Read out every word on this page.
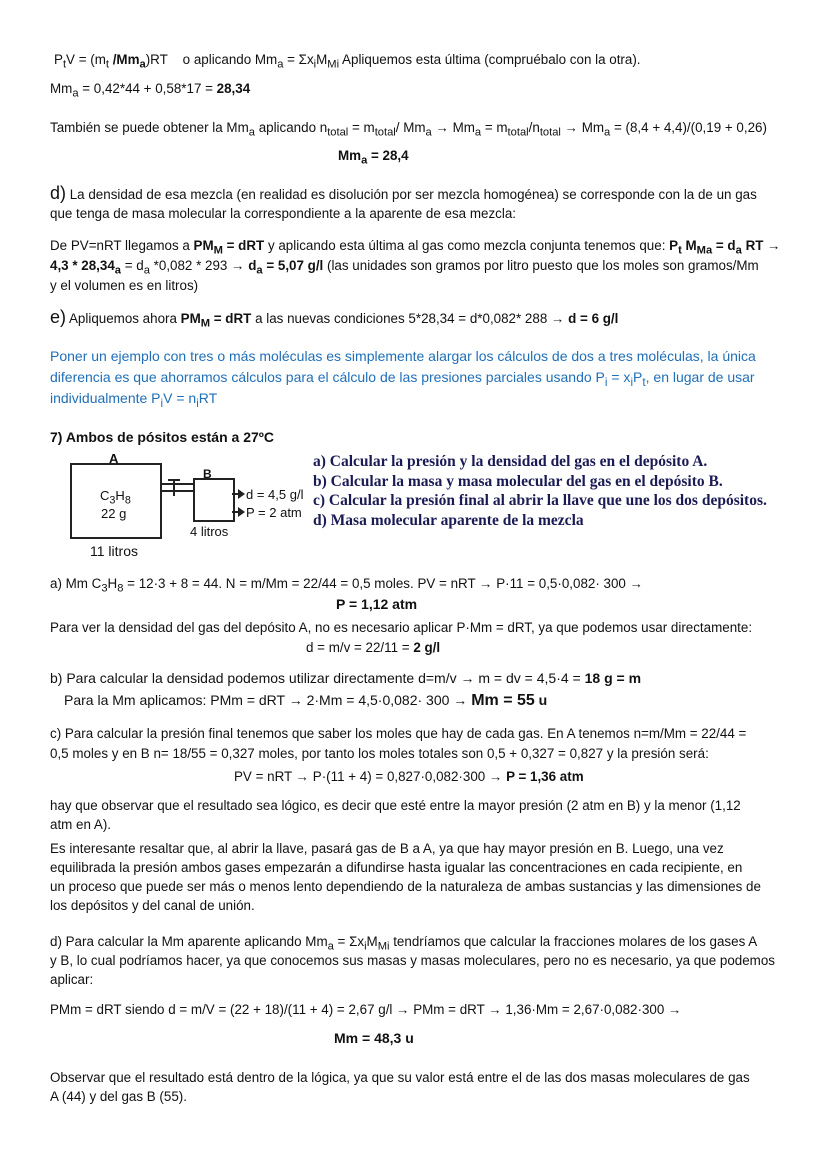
$P_tV = (m_t$ $/Mm_a)RT$ o aplicando $Mm_a = \Sigma x_iM_{Mi}$ Apliquemos esta última (compruébalo con la otra).
$Mm_a = 0,42*44 + 0,58*17 = 28,34$
También se puede obtener la $Mm_a$ aplicando $n_{total} = m_{total}/$ $Mm_a \to Mm_a = m_{total}/n_{total} \to Mm_a = (8,4 + 4,4)/(0,19 + 0,26)$
$Mm_a = 28,4$
d) La densidad de esa mezcla (en realidad es disolución por ser mezcla homogénea) se corresponde con la de un gas
que tenga de masa molecular la correspondiente a la aparente de esa mezcla:
De PV=nRT llegamos a $PM_M$ = dRT y aplicando esta última al gas como mezcla conjunta tenemos que: $P_t$ $M_{Ma} = d_a$ RT →
$4,3 * 28,34_a = d_a$ $*0,082 * 293 \to d_a = 5,07$ g/l (las unidades son gramos por litro puesto que los moles son gramos/Mm
y el volumen es en litros)
e) Apliquemos ahora $PM_M$ = dRT a las nuevas condiciones 5*28,34 = d*0,082* 288 → d = 6 g/l
Poner un ejemplo con tres o más moléculas es simplemente alargar los cálculos de dos a tres moléculas, la única
diferencia es que ahorramos cálculos para el cálculo de las presiones parciales usando $P_i = x_iP_t$, en lugar de usar
individualmente $P_iV = n_iRT$
7) Ambos de pósitos están a 27ºC
A
$C_3H_8$
22 g
11 litros
B
4 litros
d = 4,5 g/l
P = 2 atm
a) Calcular la presión y la densidad del gas en el depósito A.
b) Calcular la masa y masa molecular del gas en el depósito B.
c) Calcular la presión final al abrir la llave que une los dos depósitos.
d) Masa molecular aparente de la mezcla
a) Mm $C_3H_8 = 12\cdot 3 + 8 = 44$. N = m/Mm = 22/44 = 0,5 moles. PV = nRT → P·11 = 0,5·0,082· 300 →
P = 1,12 atm
Para ver la densidad del gas del depósito A, no es necesario aplicar P·Mm = dRT, ya que podemos usar directamente:
d = m/v = 22/11 = 2 g/l
b) Para calcular la densidad podemos utilizar directamente d=m/v → m = dv = 4,5·4 = 18 g = m
Para la Mm aplicamos: PMm = dRT → 2·Mm = 4,5·0,082· 300 → Mm = 55 u
c) Para calcular la presión final tenemos que saber los moles que hay de cada gas. En A tenemos n=m/Mm = 22/44 =
0,5 moles y en B n= 18/55 = 0,327 moles, por tanto los moles totales son 0,5 + 0,327 = 0,827 y la presión será:
PV = nRT → P·(11 + 4) = 0,827·0,082·300 → P = 1,36 atm
hay que observar que el resultado sea lógico, es decir que esté entre la mayor presión (2 atm en B) y la menor (1,12
atm en A).
Es interesante resaltar que, al abrir la llave, pasará gas de B a A, ya que hay mayor presión en B. Luego, una vez
equilibrada la presión ambos gases empezarán a difundirse hasta igualar las concentraciones en cada recipiente, en
un proceso que puede ser más o menos lento dependiendo de la naturaleza de ambas sustancias y las dimensiones de
los depósitos y del canal de unión.
d) Para calcular la Mm aparente aplicando $Mm_a = \Sigma x_iM_{Mi}$ tendríamos que calcular la fracciones molares de los gases A
y B, lo cual podríamos hacer, ya que conocemos sus masas y masas moleculares, pero no es necesario, ya que podemos
aplicar:
PMm = dRT siendo d = m/V = (22 + 18)/(11 + 4) = 2,67 g/l → PMm = dRT → 1,36·Mm = 2,67·0,082·300 →
Mm = 48,3 u
Observar que el resultado está dentro de la lógica, ya que su valor está entre el de las dos masas moleculares de gas
A (44) y del gas B (55).
